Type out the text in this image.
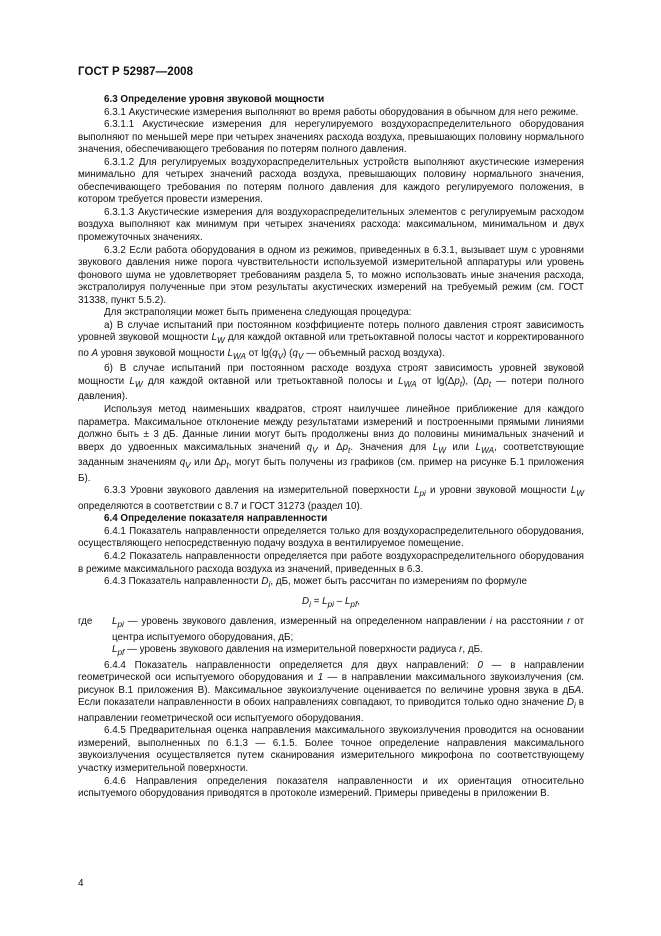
ГОСТ Р 52987—2008

6.3 Определение уровня звуковой мощности

6.3.1 Акустические измерения выполняют во время работы оборудования в обычном для него режиме.

6.3.1.1 Акустические измерения для нерегулируемого воздухораспределительного оборудования выполняют по меньшей мере при четырех значениях расхода воздуха, превышающих половину нормального значения, обеспечивающего требования по потерям полного давления.

6.3.1.2 Для регулируемых воздухораспределительных устройств выполняют акустические измерения минимально для четырех значений расхода воздуха, превышающих половину нормального значения, обеспечивающего требования по потерям полного давления для каждого регулируемого положения, в котором требуется провести измерения.

6.3.1.3 Акустические измерения для воздухораспределительных элементов с регулируемым расходом воздуха выполняют как минимум при четырех значениях расхода: максимальном, минимальном и двух промежуточных значениях.

6.3.2 Если работа оборудования в одном из режимов, приведенных в 6.3.1, вызывает шум с уровнями звукового давления ниже порога чувствительности используемой измерительной аппаратуры или уровень фонового шума не удовлетворяет требованиям раздела 5, то можно использовать иные значения расхода, экстраполируя полученные при этом результаты акустических измерений на требуемый режим (см. ГОСТ 31338, пункт 5.5.2).

Для экстраполяции может быть применена следующая процедура:

а) В случае испытаний при постоянном коэффициенте потерь полного давления строят зависимость уровней звуковой мощности $L_W$ для каждой октавной или третьоктавной полосы частот и корректированного по A уровня звуковой мощности $L_{WA}$ от $\lg(q_V)$ ($q_V$ — объемный расход воздуха).

б) В случае испытаний при постоянном расходе воздуха строят зависимость уровней звуковой мощности $L_W$ для каждой октавной или третьоктавной полосы и $L_{WA}$ от $\lg(\Delta p_t)$, ($\Delta p_t$ — потери полного давления).

Используя метод наименьших квадратов, строят наилучшее линейное приближение для каждого параметра. Максимальное отклонение между результатами измерений и построенными прямыми линиями должно быть ± 3 дБ. Данные линии могут быть продолжены вниз до половины минимальных значений и вверх до удвоенных максимальных значений $q_V$ и $\Delta p_t$. Значения для $L_W$ или $L_{WA}$, соответствующие заданным значениям $q_V$ или $\Delta p_t$, могут быть получены из графиков (см. пример на рисунке Б.1 приложения Б).

6.3.3 Уровни звукового давления на измерительной поверхности $L_{pi}$ и уровни звуковой мощности $L_W$ определяются в соответствии с 8.7 и ГОСТ 31273 (раздел 10).

6.4 Определение показателя направленности

6.4.1 Показатель направленности определяется только для воздухораспределительного оборудования, осуществляющего непосредственную подачу воздуха в вентилируемое помещение.

6.4.2 Показатель направленности определяется при работе воздухораспределительного оборудования в режиме максимального расхода воздуха из значений, приведенных в 6.3.

6.4.3 Показатель направленности $D_i$, дБ, может быть рассчитан по измерениям по формуле

$D_i = L_{pi} - L_{pf}$,

где $L_{pi}$ — уровень звукового давления, измеренный на определенном направлении i на расстоянии r от центра испытуемого оборудования, дБ;

$L_{pf}$ — уровень звукового давления на измерительной поверхности радиуса r, дБ.

6.4.4 Показатель направленности определяется для двух направлений: 0 — в направлении геометрической оси испытуемого оборудования и 1 — в направлении максимального звукоизлучения (см. рисунок В.1 приложения В). Максимальное звукоизлучение оценивается по величине уровня звука в дБA. Если показатели направленности в обоих направлениях совпадают, то приводится только одно значение $D_i$ в направлении геометрической оси испытуемого оборудования.

6.4.5 Предварительная оценка направления максимального звукоизлучения проводится на основании измерений, выполненных по 6.1.3 — 6.1.5. Более точное определение направления максимального звукоизлучения осуществляется путем сканирования измерительного микрофона по соответствующему участку измерительной поверхности.

6.4.6 Направления определения показателя направленности и их ориентация относительно испытуемого оборудования приводятся в протоколе измерений. Примеры приведены в приложении В.

4
